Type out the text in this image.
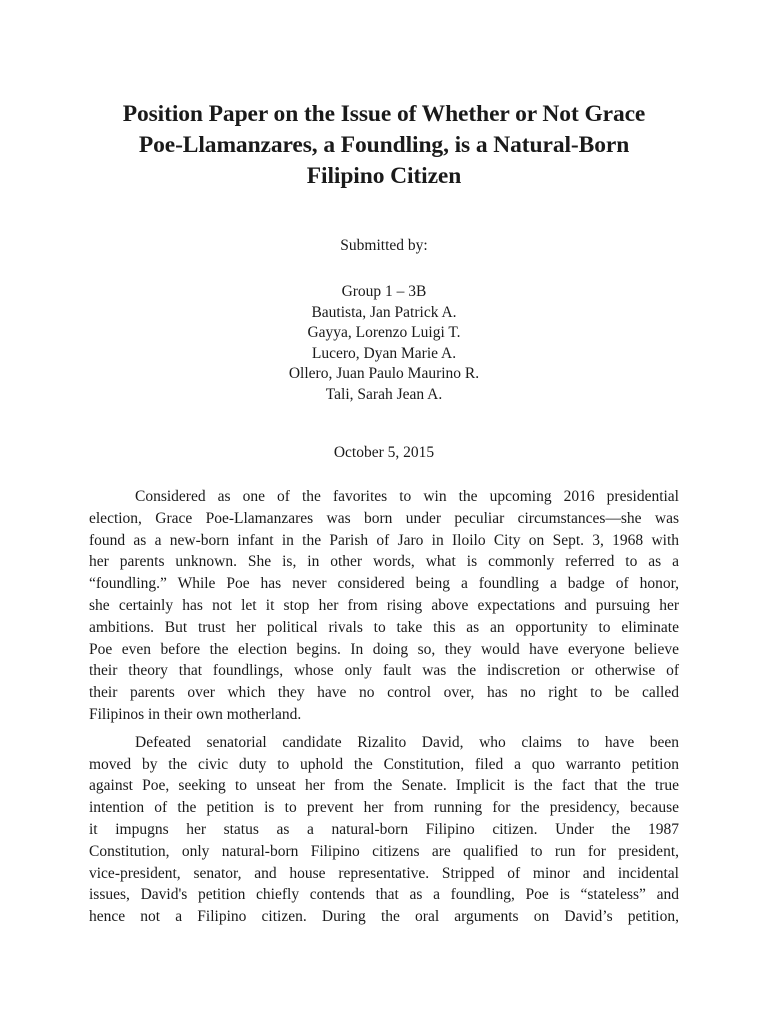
Position Paper on the Issue of Whether or Not Grace
Poe-Llamanzares, a Foundling, is a Natural-Born
Filipino Citizen
Submitted by:
Group 1 – 3B
Bautista, Jan Patrick A.
Gayya, Lorenzo Luigi T.
Lucero, Dyan Marie A.
Ollero, Juan Paulo Maurino R.
Tali, Sarah Jean A.
October 5, 2015

Considered as one of the favorites to win the upcoming 2016 presidential
election, Grace Poe-Llamanzares was born under peculiar circumstances—she was
found as a new-born infant in the Parish of Jaro in Iloilo City on Sept. 3, 1968 with
her parents unknown. She is, in other words, what is commonly referred to as a
“foundling.” While Poe has never considered being a foundling a badge of honor,
she certainly has not let it stop her from rising above expectations and pursuing her
ambitions. But trust her political rivals to take this as an opportunity to eliminate
Poe even before the election begins. In doing so, they would have everyone believe
their theory that foundlings, whose only fault was the indiscretion or otherwise of
their parents over which they have no control over, has no right to be called
Filipinos in their own motherland.

Defeated senatorial candidate Rizalito David, who claims to have been
moved by the civic duty to uphold the Constitution, filed a quo warranto petition
against Poe, seeking to unseat her from the Senate. Implicit is the fact that the true
intention of the petition is to prevent her from running for the presidency, because
it impugns her status as a natural-born Filipino citizen. Under the 1987
Constitution, only natural-born Filipino citizens are qualified to run for president,
vice-president, senator, and house representative. Stripped of minor and incidental
issues, David's petition chiefly contends that as a foundling, Poe is “stateless” and
hence not a Filipino citizen. During the oral arguments on David’s petition,
